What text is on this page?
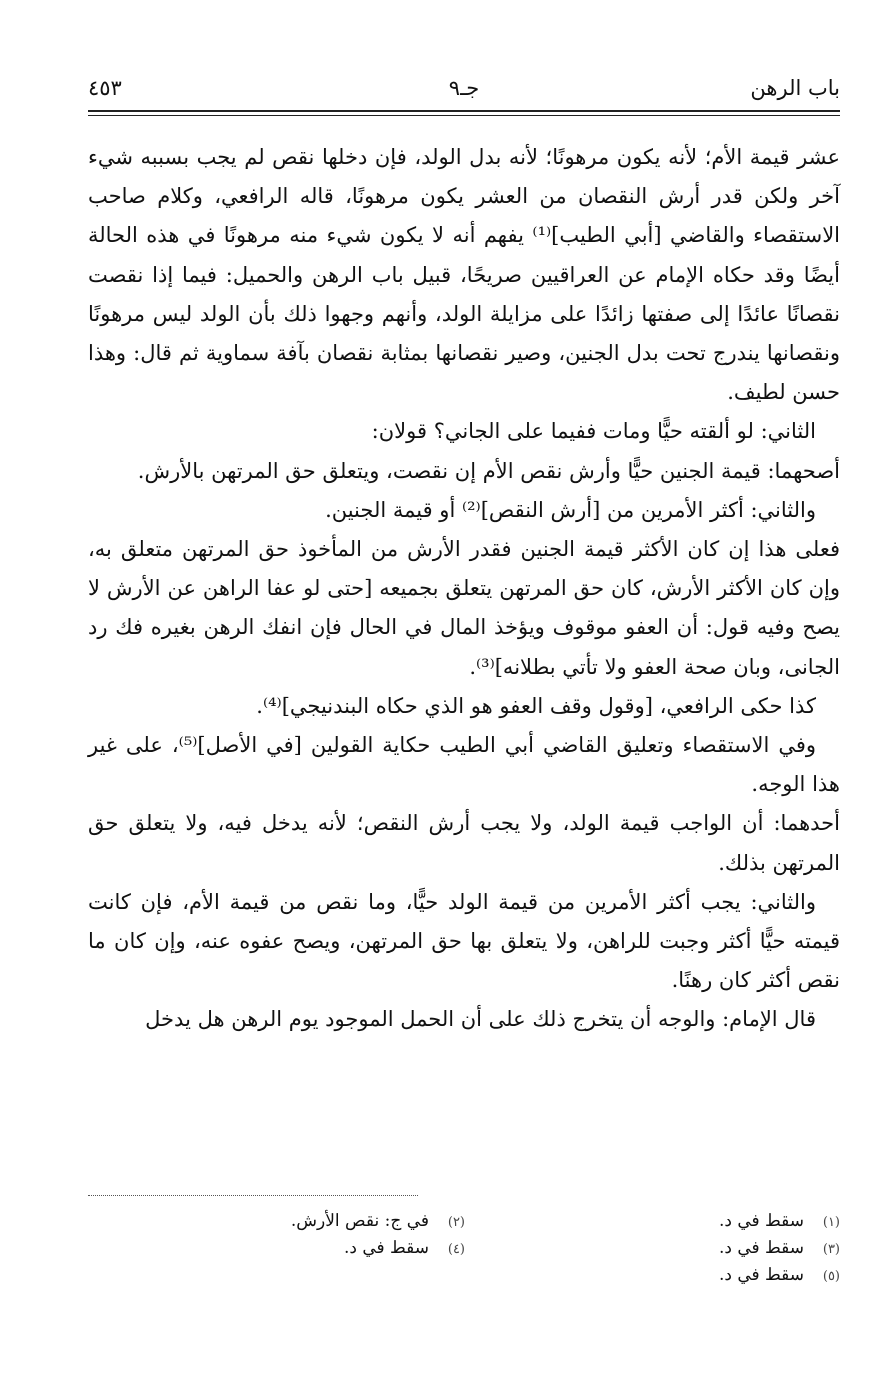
باب الرهن
جـ٩
٤٥٣

عشر قيمة الأم؛ لأنه يكون مرهونًا؛ لأنه بدل الولد، فإن دخلها نقص لم يجب بسببه شيء آخر ولكن قدر أرش النقصان من العشر يكون مرهونًا، قاله الرافعي، وكلام صاحب الاستقصاء والقاضي [أبي الطيب]⁽¹⁾ يفهم أنه لا يكون شيء منه مرهونًا في هذه الحالة أيضًا وقد حكاه الإمام عن العراقيين صريحًا، قبيل باب الرهن والحميل: فيما إذا نقصت نقصانًا عائدًا إلى صفتها زائدًا على مزايلة الولد، وأنهم وجهوا ذلك بأن الولد ليس مرهونًا ونقصانها يندرج تحت بدل الجنين، وصير نقصانها بمثابة نقصان بآفة سماوية ثم قال: وهذا حسن لطيف.

الثاني: لو ألقته حيًّا ومات ففيما على الجاني؟ قولان:

أصحهما: قيمة الجنين حيًّا وأرش نقص الأم إن نقصت، ويتعلق حق المرتهن بالأرش.

والثاني: أكثر الأمرين من [أرش النقص]⁽²⁾ أو قيمة الجنين.

فعلى هذا إن كان الأكثر قيمة الجنين فقدر الأرش من المأخوذ حق المرتهن متعلق به، وإن كان الأكثر الأرش، كان حق المرتهن يتعلق بجميعه [حتى لو عفا الراهن عن الأرش لا يصح وفيه قول: أن العفو موقوف ويؤخذ المال في الحال فإن انفك الرهن بغيره فك رد الجانى، وبان صحة العفو ولا تأتي بطلانه]⁽³⁾.

كذا حكى الرافعي، [وقول وقف العفو هو الذي حكاه البندنيجي]⁽⁴⁾.

وفي الاستقصاء وتعليق القاضي أبي الطيب حكاية القولين [في الأصل]⁽⁵⁾، على غير هذا الوجه.

أحدهما: أن الواجب قيمة الولد، ولا يجب أرش النقص؛ لأنه يدخل فيه، ولا يتعلق حق المرتهن بذلك.

والثاني: يجب أكثر الأمرين من قيمة الولد حيًّا، وما نقص من قيمة الأم، فإن كانت قيمته حيًّا أكثر وجبت للراهن، ولا يتعلق بها حق المرتهن، ويصح عفوه عنه، وإن كان ما نقص أكثر كان رهنًا.

قال الإمام: والوجه أن يتخرج ذلك على أن الحمل الموجود يوم الرهن هل يدخل

(١)سقط في د.
(٢)في ج: نقص الأرش.
(٣)سقط في د.
(٤)سقط في د.
(٥)سقط في د.
